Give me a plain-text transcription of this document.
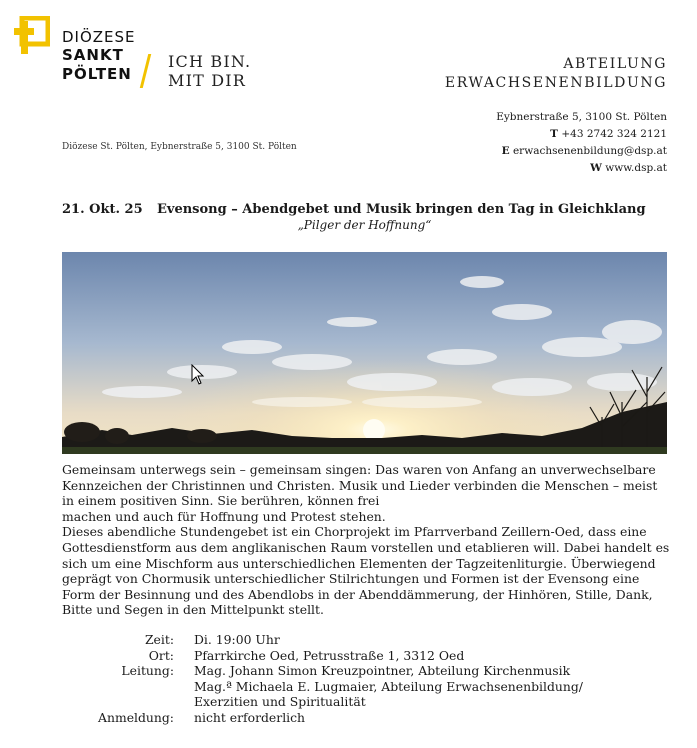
DIÖZESE
SANKT
PÖLTEN
ICH BIN.
MIT DIR
ABTEILUNG
ERWACHSENENBILDUNG
Eybnerstraße 5, 3100 St. Pölten
T +43 2742 324 2121
E erwachsenenbildung@dsp.at
W www.dsp.at
Diözese St. Pölten, Eybnerstraße 5, 3100 St. Pölten
21. Okt. 25 Evensong – Abendgebet und Musik bringen den Tag in Gleichklang
„Pilger der Hoffnung“

Gemeinsam unterwegs sein – gemeinsam singen: Das waren von Anfang an unverwechselbare Kennzeichen der Christinnen und Christen. Musik und Lieder verbinden die Menschen – meist in einem positiven Sinn. Sie berühren, können frei

machen und auch für Hoffnung und Protest stehen.

Dieses abendliche Stundengebet ist ein Chorprojekt im Pfarrverband Zeillern-Oed, dass eine Gottesdienstform aus dem anglikanischen Raum vorstellen und etablieren will. Dabei handelt es sich um eine Mischform aus unterschiedlichen Elementen der Tagzeitenliturgie. Überwiegend geprägt von Chormusik unterschiedlicher Stilrichtungen und Formen ist der Evensong eine Form der Besinnung und des Abendlobs in der Abenddämmerung, der Hinhören, Stille, Dank, Bitte und Segen in den Mittelpunkt stellt.

Zeit:	Di. 19:00 Uhr
Ort:	Pfarrkirche Oed, Petrusstraße 1, 3312 Oed
Leitung:	Mag. Johann Simon Kreuzpointner, Abteilung Kirchenmusik
Mag.ª Michaela E. Lugmaier, Abteilung Erwachsenenbildung/
Exerzitien und Spiritualität
Anmeldung:	nicht erforderlich
